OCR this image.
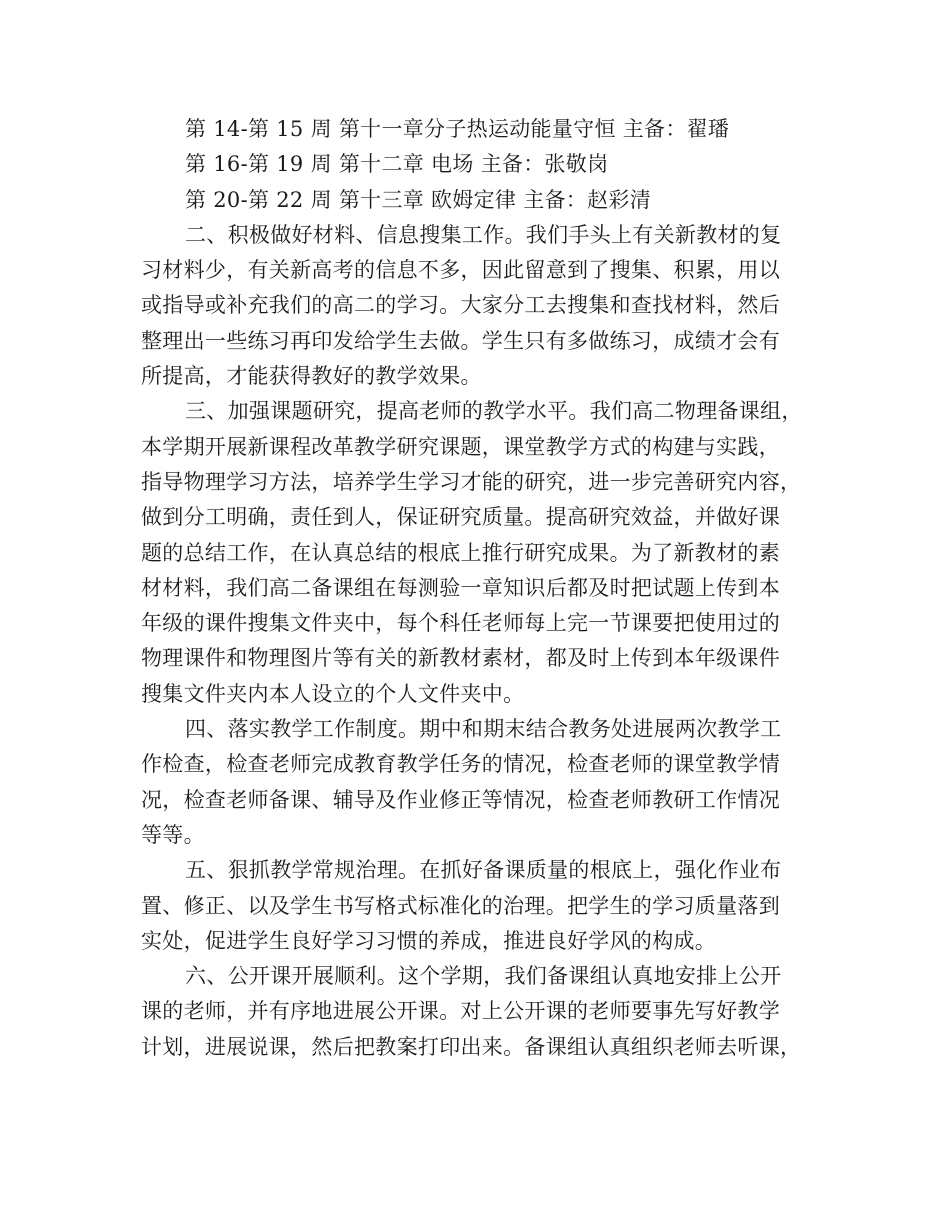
第 14-第 15 周 第十一章分子热运动能量守恒 主备：翟璠
第 16-第 19 周 第十二章 电场 主备：张敬岗
第 20-第 22 周 第十三章 欧姆定律 主备：赵彩清
二、积极做好材料、信息搜集工作。我们手头上有关新教材的复
习材料少，有关新高考的信息不多，因此留意到了搜集、积累，用以
或指导或补充我们的高二的学习。大家分工去搜集和查找材料，然后
整理出一些练习再印发给学生去做。学生只有多做练习，成绩才会有
所提高，才能获得教好的教学效果。
三、加强课题研究，提高老师的教学水平。我们高二物理备课组，
本学期开展新课程改革教学研究课题，课堂教学方式的构建与实践，
指导物理学习方法，培养学生学习才能的研究，进一步完善研究内容，
做到分工明确，责任到人，保证研究质量。提高研究效益，并做好课
题的总结工作，在认真总结的根底上推行研究成果。为了新教材的素
材材料，我们高二备课组在每测验一章知识后都及时把试题上传到本
年级的课件搜集文件夹中，每个科任老师每上完一节课要把使用过的
物理课件和物理图片等有关的新教材素材，都及时上传到本年级课件
搜集文件夹内本人设立的个人文件夹中。
四、落实教学工作制度。期中和期末结合教务处进展两次教学工
作检查，检查老师完成教育教学任务的情况，检查老师的课堂教学情
况，检查老师备课、辅导及作业修正等情况，检查老师教研工作情况
等等。
五、狠抓教学常规治理。在抓好备课质量的根底上，强化作业布
置、修正、以及学生书写格式标准化的治理。把学生的学习质量落到
实处，促进学生良好学习习惯的养成，推进良好学风的构成。
六、公开课开展顺利。这个学期，我们备课组认真地安排上公开
课的老师，并有序地进展公开课。对上公开课的老师要事先写好教学
计划，进展说课，然后把教案打印出来。备课组认真组织老师去听课，
